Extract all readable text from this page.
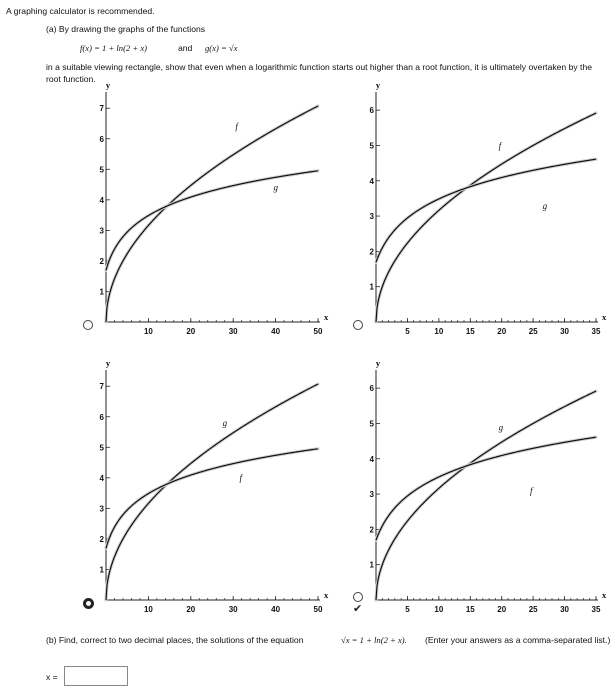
A graphing calculator is recommended.
(a) By drawing the graphs of the functions
f(x) = 1 + ln(2 + x)	and g(x) = √x
in a suitable viewing rectangle, show that even when a logarithmic function starts out higher than a root function, it is ultimately overtaken by the root function.
10	20	30	40	50
1
2
3
4
5
6
7
y
x
f
g
5	10	15	20	25	30	35
1
2
3
4
5
6
y
x
f
g
10	20	30	40	50
1
2
3
4
5
6
7
y
x
g
f
✔	5	10	15	20	25	30	35
1
2
3
4
5
6
y
x
g
f
(b) Find, correct to two decimal places, the solutions of the equation	√x = 1 + ln(2 + x). (Enter your answers as a comma-separated list.)
x =
